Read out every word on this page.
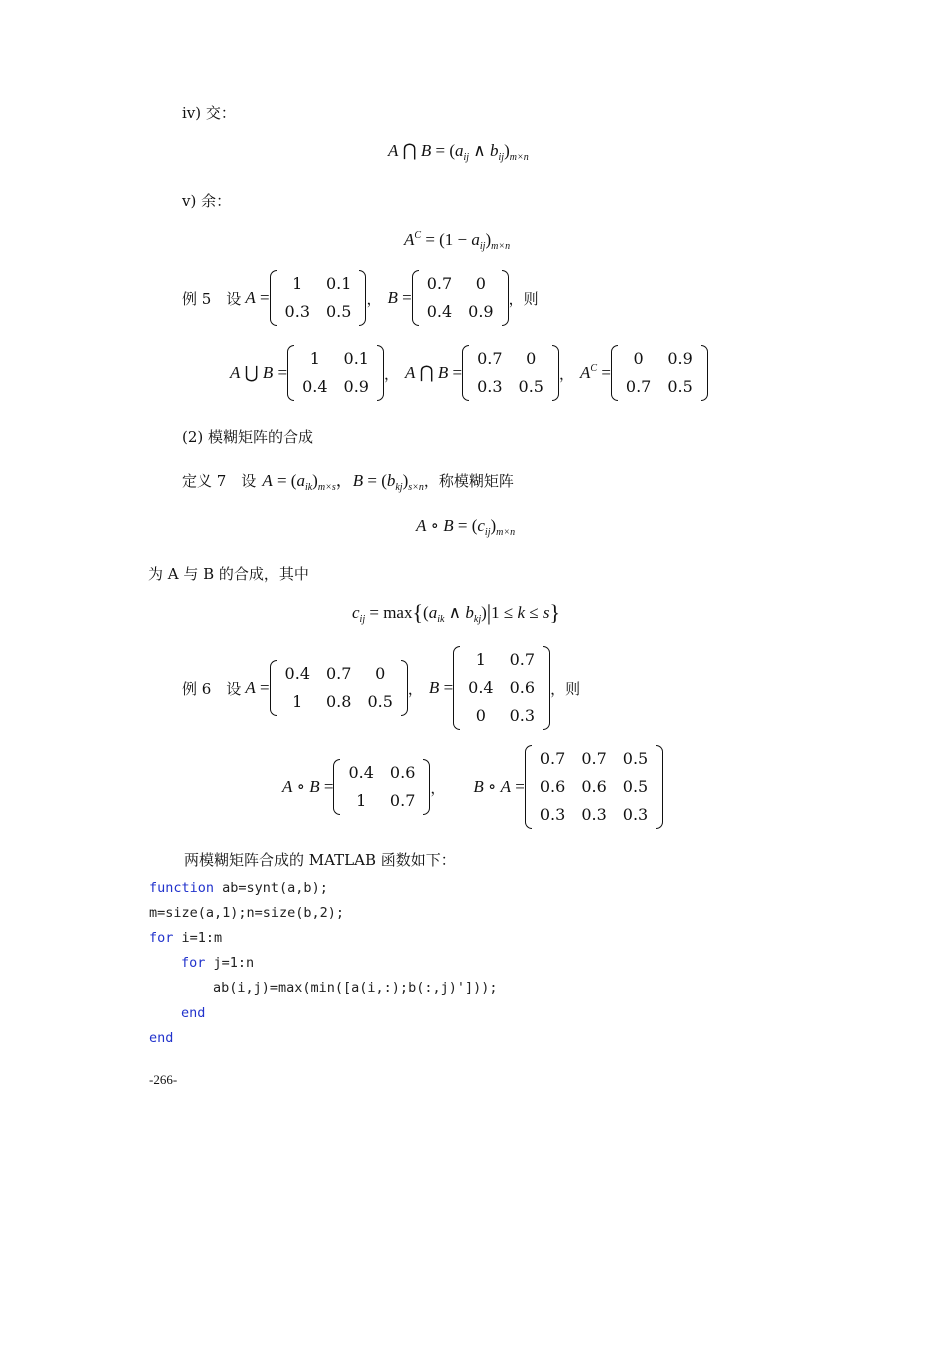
iv) 交：
A ⋂ $B = (a_{ij}$ ∧ $b_{ij})_{m\times n}$
v) 余：
$A^C = (1 - a_{ij})_{m\times n}$
例 5　设 A =
1	0.1
0.3	0.5
， B =
0.7	0
0.4	0.9
，则
A ⋃ B =
1	0.1
0.4	0.9
， A ⋂ B =
0.7	0
0.3	0.5
， $A^C$ =
0	0.9
0.7	0.5
(2) 模糊矩阵的合成
定义 7　设 $A = (a_{ik})_{m\times s}$，$B = (b_{kj})_{s\times n}$ ，称模糊矩阵
A ∘ $B = (c_{ij})_{m\times n}$
为 A 与 B 的合成，其中
$c_{ij} = \max\{(a_{ik}$ ∧ $b_{kj})|1 \le k \le s$}
例 6　设 A =
0.4	0.7	0
1	0.8	0.5
， B =
1	0.7
0.4	0.6
0	0.3
，则
A ∘ B =
0.4	0.6
1	0.7
， B ∘ A =
0.7	0.7	0.5
0.6	0.6	0.5
0.3	0.3	0.3
两模糊矩阵合成的 MATLAB 函数如下：
function ab=synt(a,b);
m=size(a,1);n=size(b,2);
for i=1:m
for j=1:n
ab(i,j)=max(min([a(i,:);b(:,j)']));
end
end
-266-
